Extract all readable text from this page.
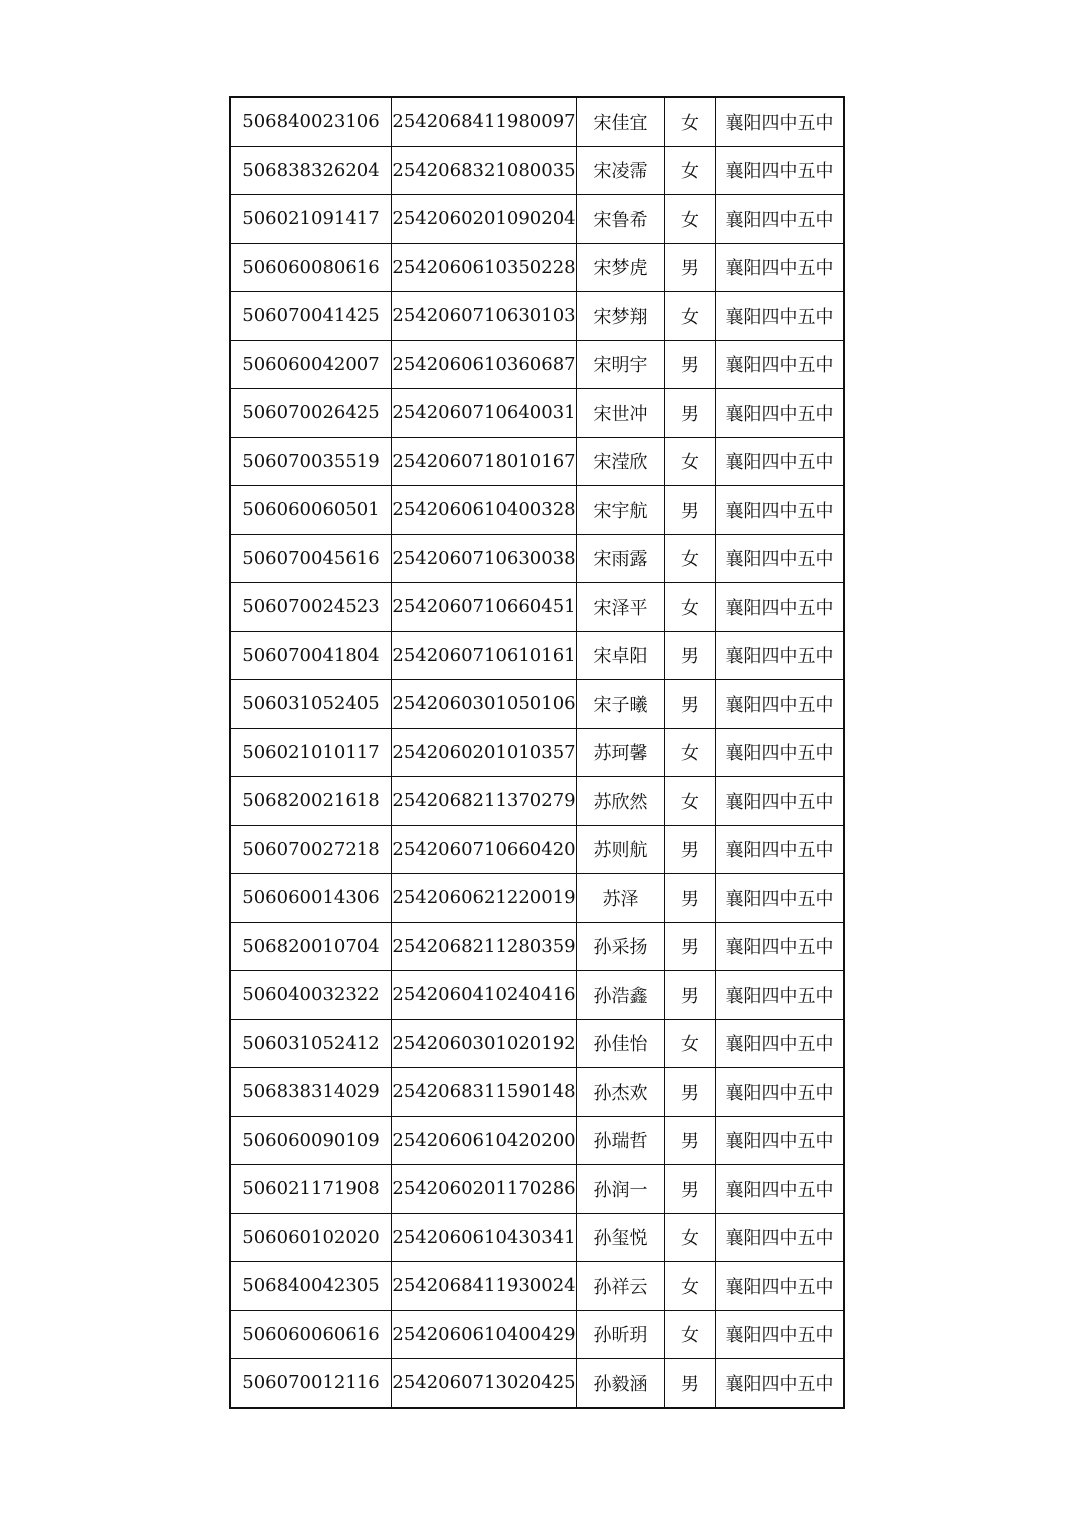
506840023106	2542068411980097	宋佳宜	女	襄阳四中五中
506838326204	2542068321080035	宋凌霈	女	襄阳四中五中
506021091417	2542060201090204	宋鲁希	女	襄阳四中五中
506060080616	2542060610350228	宋梦虎	男	襄阳四中五中
506070041425	2542060710630103	宋梦翔	女	襄阳四中五中
506060042007	2542060610360687	宋明宇	男	襄阳四中五中
506070026425	2542060710640031	宋世冲	男	襄阳四中五中
506070035519	2542060718010167	宋滢欣	女	襄阳四中五中
506060060501	2542060610400328	宋宇航	男	襄阳四中五中
506070045616	2542060710630038	宋雨露	女	襄阳四中五中
506070024523	2542060710660451	宋泽平	女	襄阳四中五中
506070041804	2542060710610161	宋卓阳	男	襄阳四中五中
506031052405	2542060301050106	宋子曦	男	襄阳四中五中
506021010117	2542060201010357	苏珂馨	女	襄阳四中五中
506820021618	2542068211370279	苏欣然	女	襄阳四中五中
506070027218	2542060710660420	苏则航	男	襄阳四中五中
506060014306	2542060621220019	苏泽	男	襄阳四中五中
506820010704	2542068211280359	孙采扬	男	襄阳四中五中
506040032322	2542060410240416	孙浩鑫	男	襄阳四中五中
506031052412	2542060301020192	孙佳怡	女	襄阳四中五中
506838314029	2542068311590148	孙杰欢	男	襄阳四中五中
506060090109	2542060610420200	孙瑞哲	男	襄阳四中五中
506021171908	2542060201170286	孙润一	男	襄阳四中五中
506060102020	2542060610430341	孙玺悦	女	襄阳四中五中
506840042305	2542068411930024	孙祥云	女	襄阳四中五中
506060060616	2542060610400429	孙昕玥	女	襄阳四中五中
506070012116	2542060713020425	孙毅涵	男	襄阳四中五中
